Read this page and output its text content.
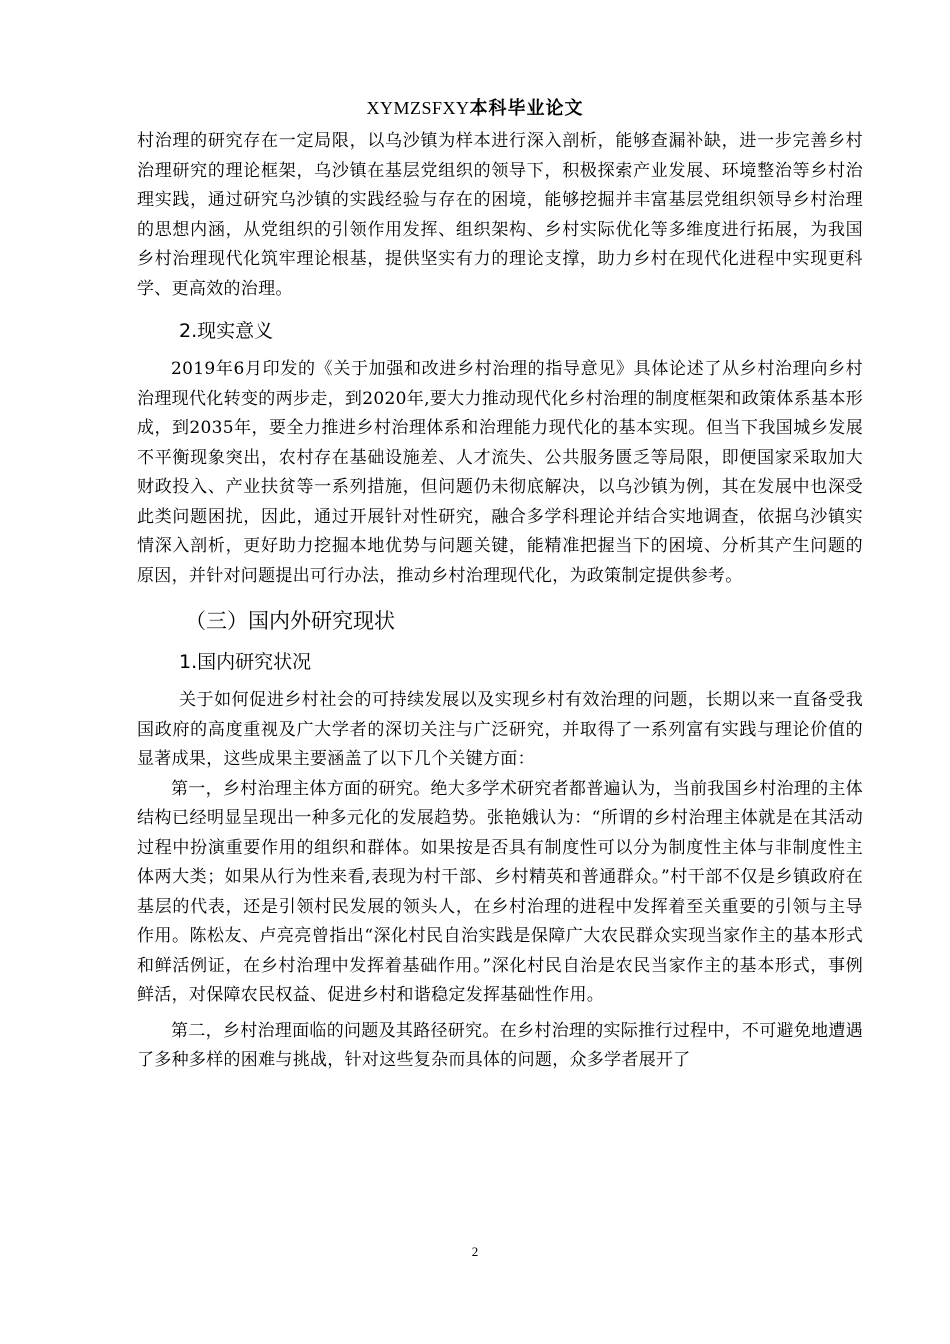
XYMZSFXY本科毕业论文

村治理的研究存在一定局限，以乌沙镇为样本进行深入剖析，能够查漏补缺，进一步完善乡村治理研究的理论框架，乌沙镇在基层党组织的领导下，积极探索产业发展、环境整治等乡村治理实践，通过研究乌沙镇的实践经验与存在的困境，能够挖掘并丰富基层党组织领导乡村治理的思想内涵，从党组织的引领作用发挥、组织架构、乡村实际优化等多维度进行拓展，为我国乡村治理现代化筑牢理论根基，提供坚实有力的理论支撑，助力乡村在现代化进程中实现更科学、更高效的治理。

2.现实意义

2019年6月印发的《关于加强和改进乡村治理的指导意见》具体论述了从乡村治理向乡村治理现代化转变的两步走，到2020年,要大力推动现代化乡村治理的制度框架和政策体系基本形成，到2035年，要全力推进乡村治理体系和治理能力现代化的基本实现。但当下我国城乡发展不平衡现象突出，农村存在基础设施差、人才流失、公共服务匮乏等局限，即便国家采取加大财政投入、产业扶贫等一系列措施，但问题仍未彻底解决，以乌沙镇为例，其在发展中也深受此类问题困扰，因此，通过开展针对性研究，融合多学科理论并结合实地调查，依据乌沙镇实情深入剖析，更好助力挖掘本地优势与问题关键，能精准把握当下的困境、分析其产生问题的原因，并针对问题提出可行办法，推动乡村治理现代化，为政策制定提供参考。

（三）国内外研究现状
1.国内研究状况

关于如何促进乡村社会的可持续发展以及实现乡村有效治理的问题，长期以来一直备受我国政府的高度重视及广大学者的深切关注与广泛研究，并取得了一系列富有实践与理论价值的显著成果，这些成果主要涵盖了以下几个关键方面：

第一，乡村治理主体方面的研究。绝大多学术研究者都普遍认为，当前我国乡村治理的主体结构已经明显呈现出一种多元化的发展趋势。张艳娥认为：“所谓的乡村治理主体就是在其活动过程中扮演重要作用的组织和群体。如果按是否具有制度性可以分为制度性主体与非制度性主体两大类；如果从行为性来看,表现为村干部、乡村精英和普通群众。”村干部不仅是乡镇政府在基层的代表，还是引领村民发展的领头人，在乡村治理的进程中发挥着至关重要的引领与主导作用。陈松友、卢亮亮曾指出“深化村民自治实践是保障广大农民群众实现当家作主的基本形式和鲜活例证，在乡村治理中发挥着基础作用。”深化村民自治是农民当家作主的基本形式，事例鲜活，对保障农民权益、促进乡村和谐稳定发挥基础性作用。

第二，乡村治理面临的问题及其路径研究。在乡村治理的实际推行过程中，不可避免地遭遇了多种多样的困难与挑战，针对这些复杂而具体的问题，众多学者展开了

2
